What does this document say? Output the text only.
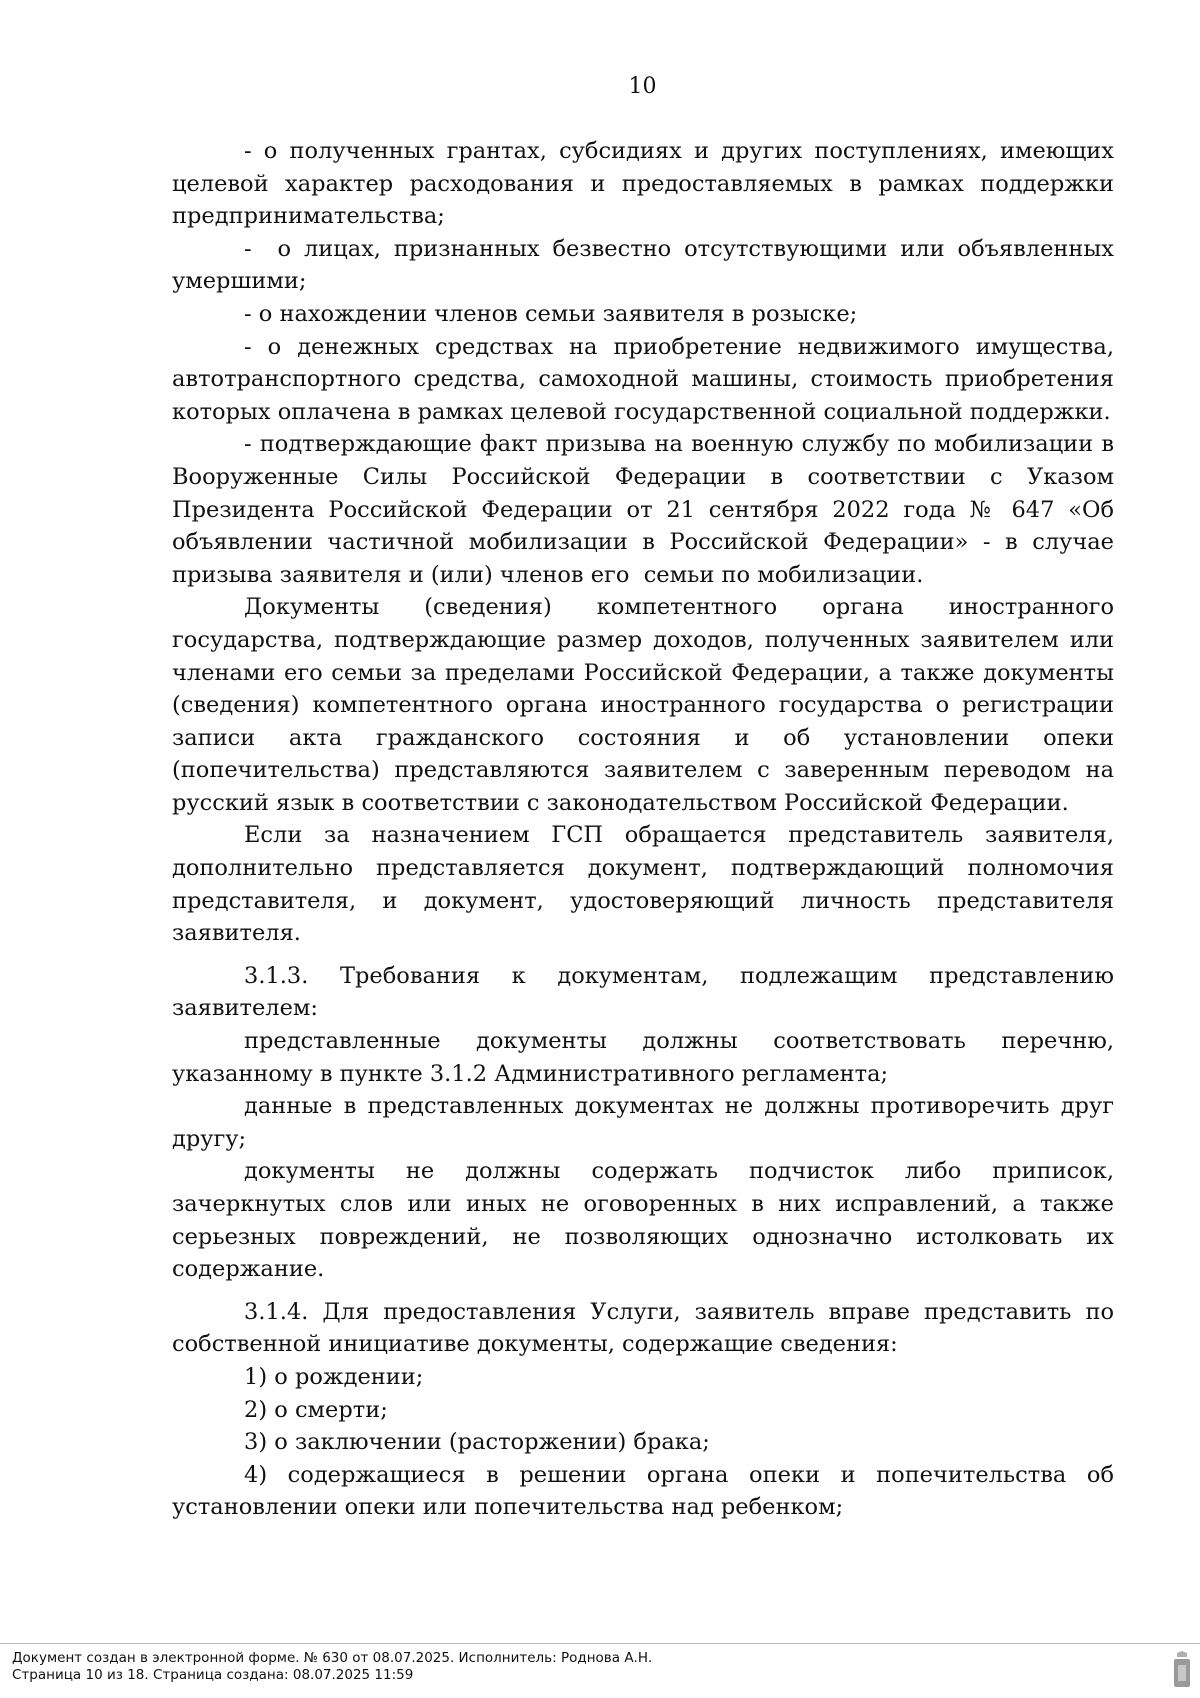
10

- о полученных грантах, субсидиях и других поступлениях, имеющих целевой характер расходования и предоставляемых в рамках поддержки предпринимательства;

-  о лицах, признанных безвестно отсутствующими или объявленных умершими;

- о нахождении членов семьи заявителя в розыске;

- о денежных средствах на приобретение недвижимого имущества, автотранспортного средства, самоходной машины, стоимость приобретения которых оплачена в рамках целевой государственной социальной поддержки.

- подтверждающие факт призыва на военную службу по мобилизации в Вооруженные Силы Российской Федерации в соответствии с Указом Президента Российской Федерации от 21 сентября 2022 года № 647 «Об объявлении частичной мобилизации в Российской Федерации» - в случае призыва заявителя и (или) членов его  семьи по мобилизации.

Документы (сведения) компетентного органа иностранного государства, подтверждающие размер доходов, полученных заявителем или членами его семьи за пределами Российской Федерации, а также документы (сведения) компетентного органа иностранного государства о регистрации записи акта гражданского состояния и об установлении опеки (попечительства) представляются заявителем с заверенным переводом на русский язык в соответствии с законодательством Российской Федерации.

Если за назначением ГСП обращается представитель заявителя, дополнительно представляется документ, подтверждающий полномочия представителя, и документ, удостоверяющий личность представителя заявителя.

3.1.3. Требования к документам, подлежащим представлению заявителем:

представленные документы должны соответствовать перечню, указанному в пункте 3.1.2 Административного регламента;

данные в представленных документах не должны противоречить друг другу;

документы не должны содержать подчисток либо приписок, зачеркнутых слов или иных не оговоренных в них исправлений, а также серьезных повреждений, не позволяющих однозначно истолковать их содержание.

3.1.4. Для предоставления Услуги, заявитель вправе представить по собственной инициативе документы, содержащие сведения:

1) о рождении;

2) о смерти;

3) о заключении (расторжении) брака;

4) содержащиеся в решении органа опеки и попечительства об установлении опеки или попечительства над ребенком;

Документ создан в электронной форме. № 630 от 08.07.2025. Исполнитель: Роднова А.Н.
Страница 10 из 18. Страница создана: 08.07.2025 11:59
